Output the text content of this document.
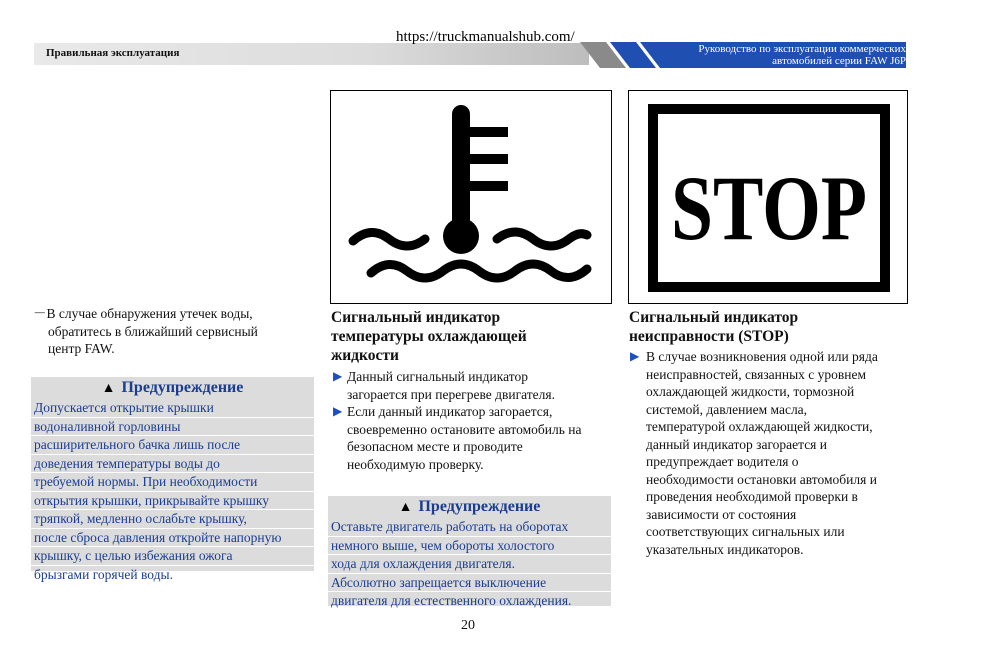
Правильная эксплуатация	Руководство по эксплуатации коммерческих
автомобилей серии FAW J6P
https://truckmanualshub.com/
－В случае обнаружения утечек воды,
обратитесь в ближайший сервисный
центр FAW.
▲ Предупреждение
Допускается открытие крышки
водоналивной горловины
расширительного бачка лишь после
доведения температуры воды до
требуемой нормы. При необходимости
открытия крышки, прикрывайте крышку
тряпкой, медленно ослабьте крышку,
после сброса давления откройте напорную
крышку, с целью избежания ожога
брызгами горячей воды.
Сигнальный индикатор
температуры охлаждающей
жидкости
▶ Данный сигнальный индикатор
загорается при перегреве двигателя.
▶ Если данный индикатор загорается,
своевременно остановите автомобиль на
безопасном месте и проводите
необходимую проверку.
▲ Предупреждение
Оставьте двигатель работать на оборотах
немного выше, чем обороты холостого
хода для охлаждения двигателя.
Абсолютно запрещается выключение
двигателя для естественного охлаждения.
STOP
Сигнальный индикатор
неисправности (STOP)
▶ В случае возникновения одной или ряда
неисправностей, связанных с уровнем
охлаждающей жидкости, тормозной
системой, давлением масла,
температурой охлаждающей жидкости,
данный индикатор загорается и
предупреждает водителя о
необходимости остановки автомобиля и
проведения необходимой проверки в
зависимости от состояния
соответствующих сигнальных или
указательных индикаторов.
20
